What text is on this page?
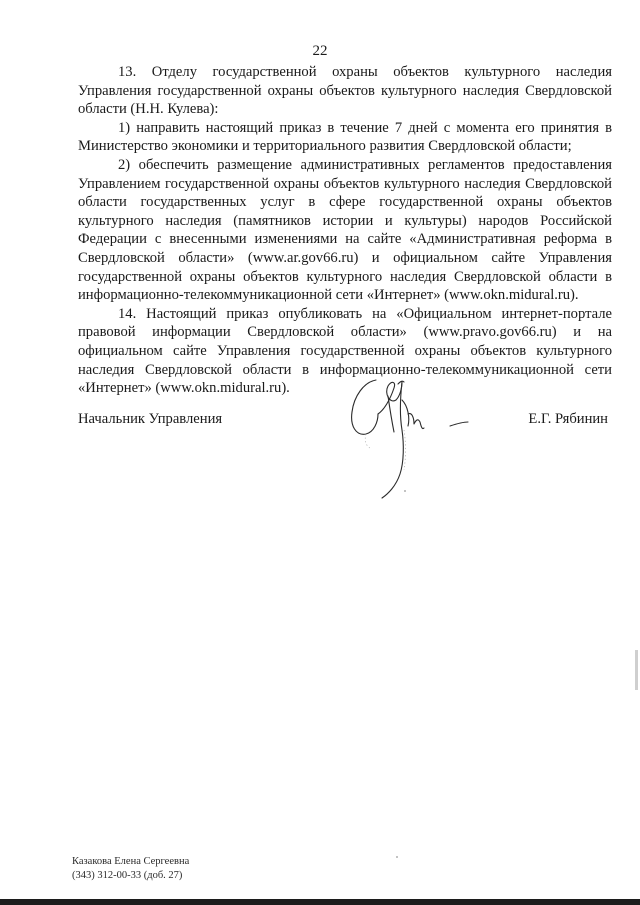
22

13. Отделу государственной охраны объектов культурного наследия Управления государственной охраны объектов культурного наследия Свердловской области (Н.Н. Кулева):

1) направить настоящий приказ в течение 7 дней с момента его принятия в Министерство экономики и территориального развития Свердловской области;

2) обеспечить размещение административных регламентов предоставления Управлением государственной охраны объектов культурного наследия Свердловской области государственных услуг в сфере государственной охраны объектов культурного наследия (памятников истории и культуры) народов Российской Федерации с внесенными изменениями на сайте «Административная реформа в Свердловской области» (www.ar.gov66.ru) и официальном сайте Управления государственной охраны объектов культурного наследия Свердловской области в информационно-телекоммуникационной сети «Интернет» (www.okn.midural.ru).

14. Настоящий приказ опубликовать на «Официальном интернет-портале правовой информации Свердловской области» (www.pravo.gov66.ru) и на официальном сайте Управления государственной охраны объектов культурного наследия Свердловской области в информационно-телекоммуникационной сети «Интернет» (www.okn.midural.ru).

Начальник Управления	Е.Г. Рябинин
Казакова Елена Сергеевна
(343) 312-00-33 (доб. 27)
